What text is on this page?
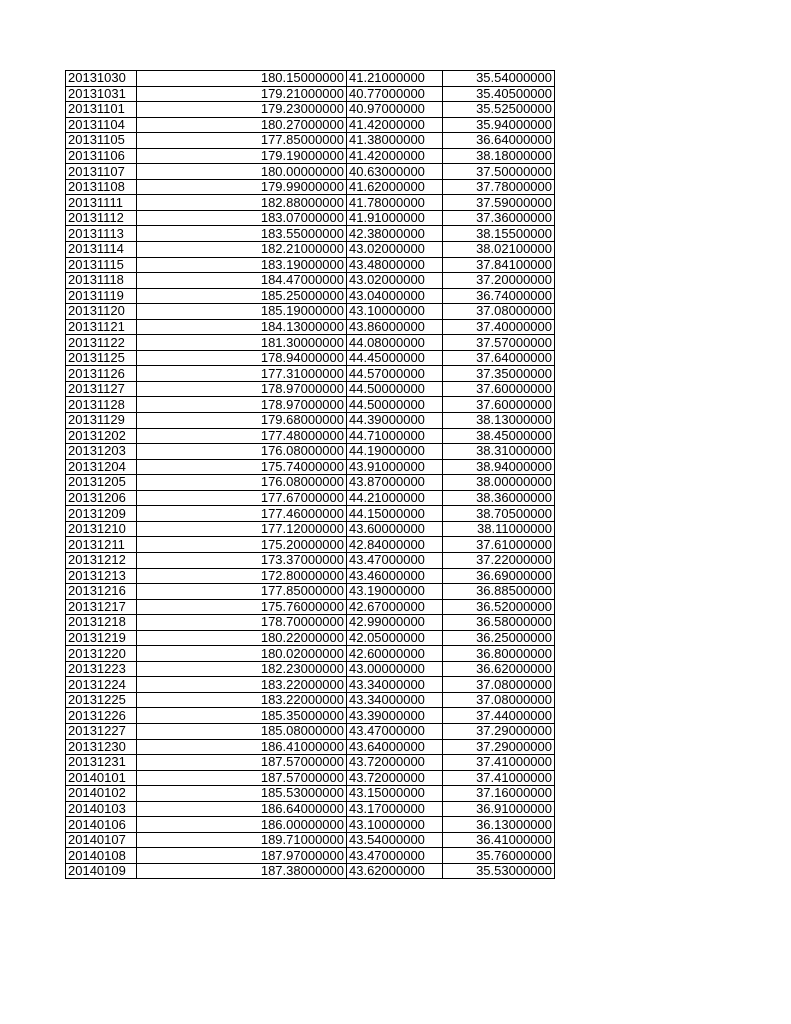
20131030	180.15000000	41.21000000	35.54000000
20131031	179.21000000	40.77000000	35.40500000
20131101	179.23000000	40.97000000	35.52500000
20131104	180.27000000	41.42000000	35.94000000
20131105	177.85000000	41.38000000	36.64000000
20131106	179.19000000	41.42000000	38.18000000
20131107	180.00000000	40.63000000	37.50000000
20131108	179.99000000	41.62000000	37.78000000
20131111	182.88000000	41.78000000	37.59000000
20131112	183.07000000	41.91000000	37.36000000
20131113	183.55000000	42.38000000	38.15500000
20131114	182.21000000	43.02000000	38.02100000
20131115	183.19000000	43.48000000	37.84100000
20131118	184.47000000	43.02000000	37.20000000
20131119	185.25000000	43.04000000	36.74000000
20131120	185.19000000	43.10000000	37.08000000
20131121	184.13000000	43.86000000	37.40000000
20131122	181.30000000	44.08000000	37.57000000
20131125	178.94000000	44.45000000	37.64000000
20131126	177.31000000	44.57000000	37.35000000
20131127	178.97000000	44.50000000	37.60000000
20131128	178.97000000	44.50000000	37.60000000
20131129	179.68000000	44.39000000	38.13000000
20131202	177.48000000	44.71000000	38.45000000
20131203	176.08000000	44.19000000	38.31000000
20131204	175.74000000	43.91000000	38.94000000
20131205	176.08000000	43.87000000	38.00000000
20131206	177.67000000	44.21000000	38.36000000
20131209	177.46000000	44.15000000	38.70500000
20131210	177.12000000	43.60000000	38.11000000
20131211	175.20000000	42.84000000	37.61000000
20131212	173.37000000	43.47000000	37.22000000
20131213	172.80000000	43.46000000	36.69000000
20131216	177.85000000	43.19000000	36.88500000
20131217	175.76000000	42.67000000	36.52000000
20131218	178.70000000	42.99000000	36.58000000
20131219	180.22000000	42.05000000	36.25000000
20131220	180.02000000	42.60000000	36.80000000
20131223	182.23000000	43.00000000	36.62000000
20131224	183.22000000	43.34000000	37.08000000
20131225	183.22000000	43.34000000	37.08000000
20131226	185.35000000	43.39000000	37.44000000
20131227	185.08000000	43.47000000	37.29000000
20131230	186.41000000	43.64000000	37.29000000
20131231	187.57000000	43.72000000	37.41000000
20140101	187.57000000	43.72000000	37.41000000
20140102	185.53000000	43.15000000	37.16000000
20140103	186.64000000	43.17000000	36.91000000
20140106	186.00000000	43.10000000	36.13000000
20140107	189.71000000	43.54000000	36.41000000
20140108	187.97000000	43.47000000	35.76000000
20140109	187.38000000	43.62000000	35.53000000
